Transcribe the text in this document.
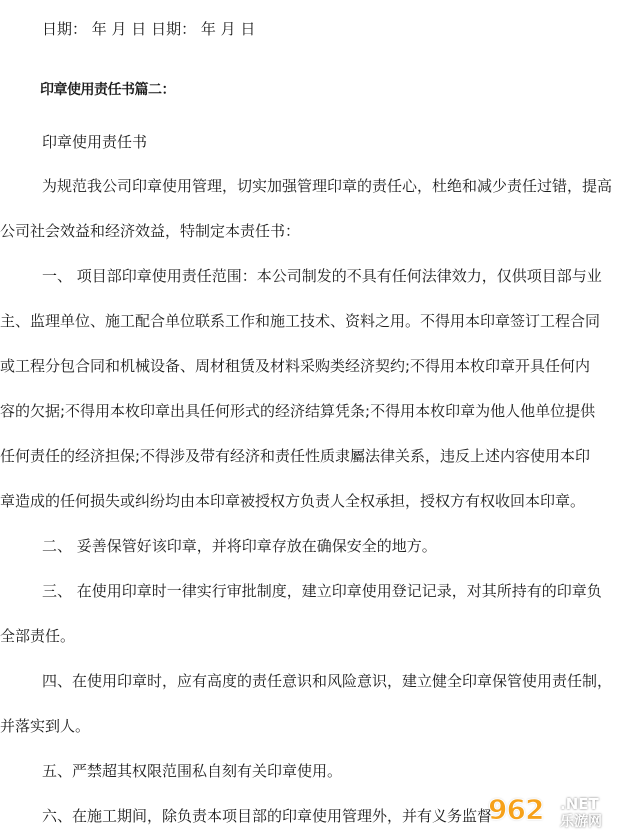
日期： 年 月 日 日期： 年 月 日
印章使用责任书篇二：
印章使用责任书
为规范我公司印章使用管理，切实加强管理印章的责任心，杜绝和减少责任过错，提高
公司社会效益和经济效益，特制定本责任书：
一、 项目部印章使用责任范围：本公司制发的不具有任何法律效力，仅供项目部与业
主、监理单位、施工配合单位联系工作和施工技术、资料之用。不得用本印章签订工程合同
或工程分包合同和机械设备、周材租赁及材料采购类经济契约;不得用本枚印章开具任何内
容的欠据;不得用本枚印章出具任何形式的经济结算凭条;不得用本枚印章为他人他单位提供
任何责任的经济担保;不得涉及带有经济和责任性质隶屬法律关系，违反上述内容使用本印
章造成的任何损失或纠纷均由本印章被授权方负责人全权承担，授权方有权收回本印章。
二、 妥善保管好该印章，并将印章存放在确保安全的地方。
三、 在使用印章时一律实行审批制度，建立印章使用登记记录，对其所持有的印章负
全部责任。
四、在使用印章时，应有高度的责任意识和风险意识，建立健全印章保管使用责任制，
并落实到人。
五、严禁超其权限范围私自刻有关印章使用。
六、在施工期间，除负责本项目部的印章使用管理外，并有义务监督
962 .NET
乐游网
